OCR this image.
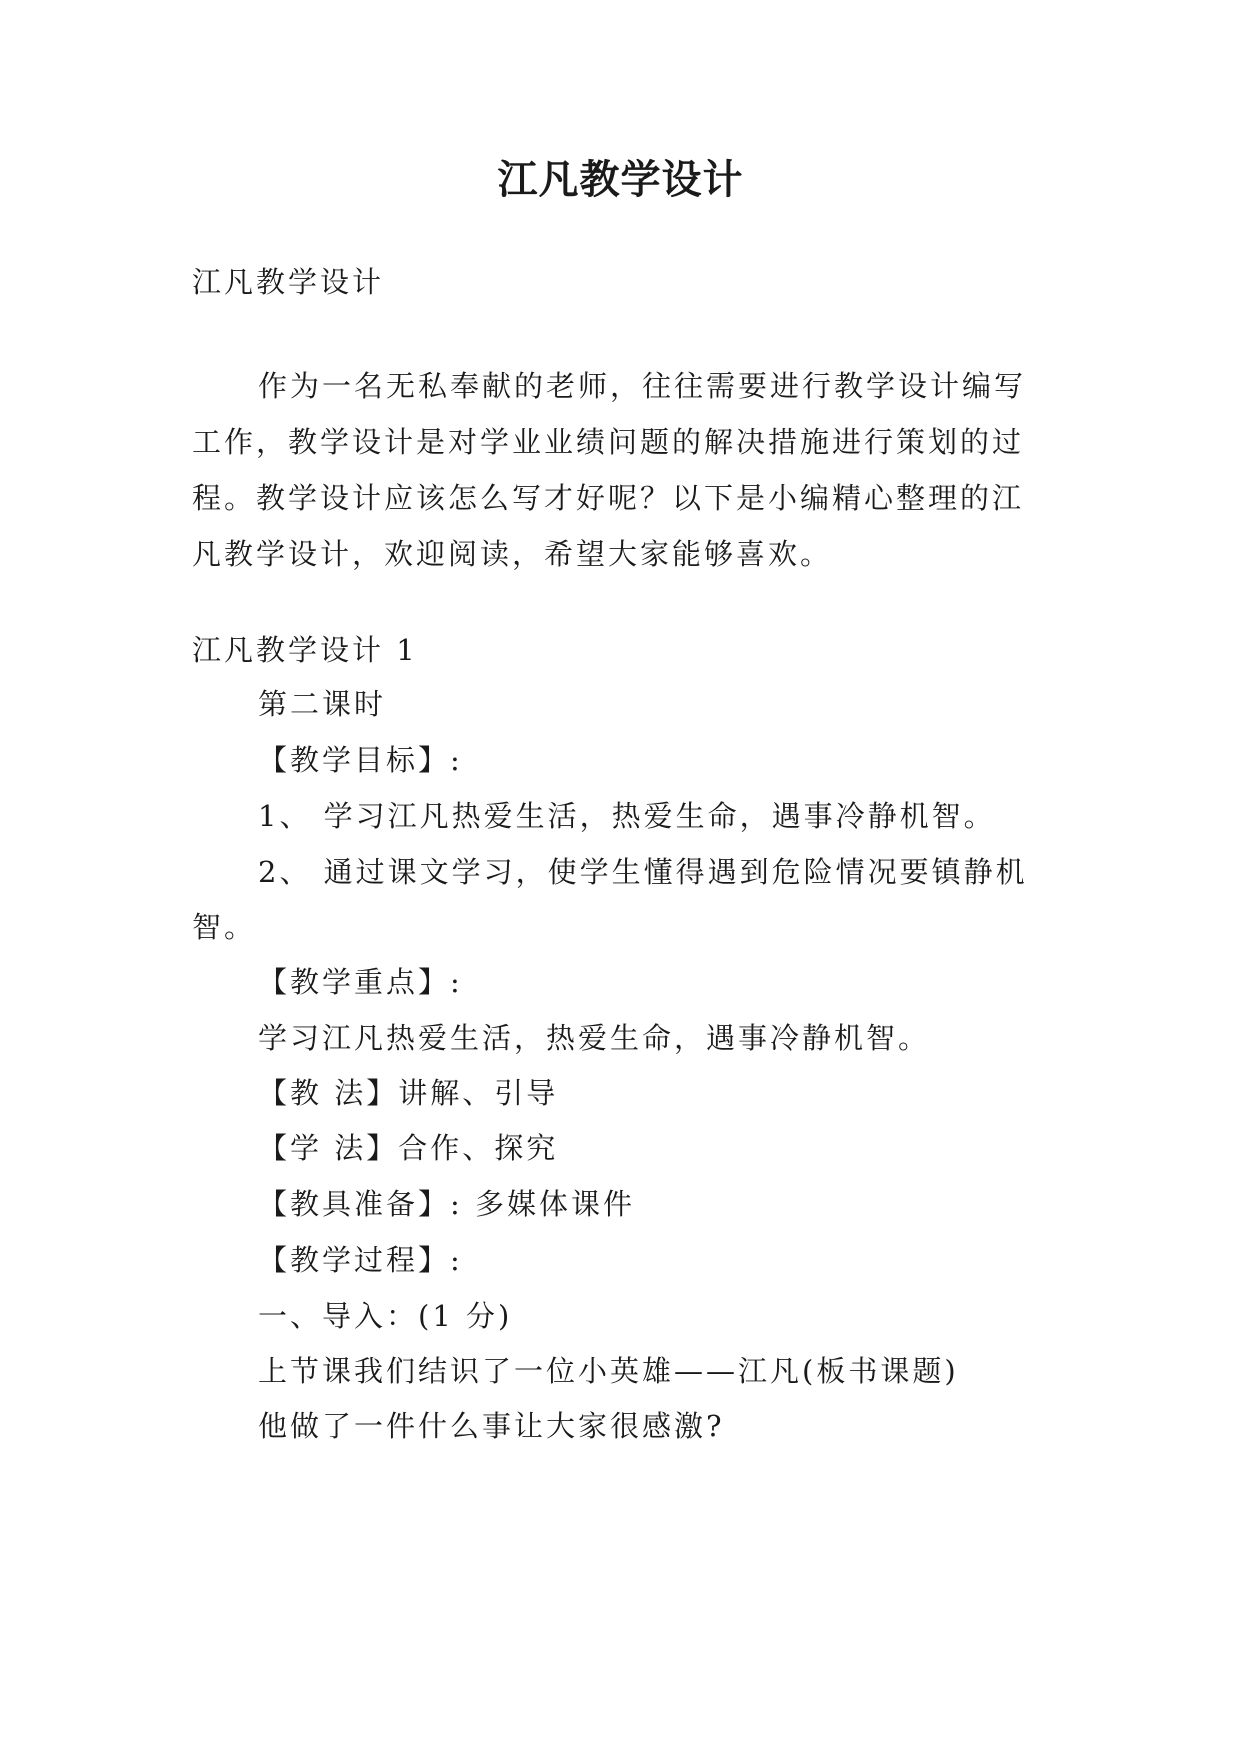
江凡教学设计

江凡教学设计

作为一名无私奉献的老师，往往需要进行教学设计编写

工作，教学设计是对学业业绩问题的解决措施进行策划的过

程。教学设计应该怎么写才好呢？以下是小编精心整理的江

凡教学设计，欢迎阅读，希望大家能够喜欢。

江凡教学设计 1

第二课时

【教学目标】:

1、 学习江凡热爱生活，热爱生命，遇事冷静机智。

2、 通过课文学习，使学生懂得遇到危险情况要镇静机

智。

【教学重点】:

学习江凡热爱生活，热爱生命，遇事冷静机智。

【教 法】讲解、引导

【学 法】合作、探究

【教具准备】: 多媒体课件

【教学过程】:

一、导入：(1 分)

上节课我们结识了一位小英雄——江凡(板书课题)

他做了一件什么事让大家很感激?
